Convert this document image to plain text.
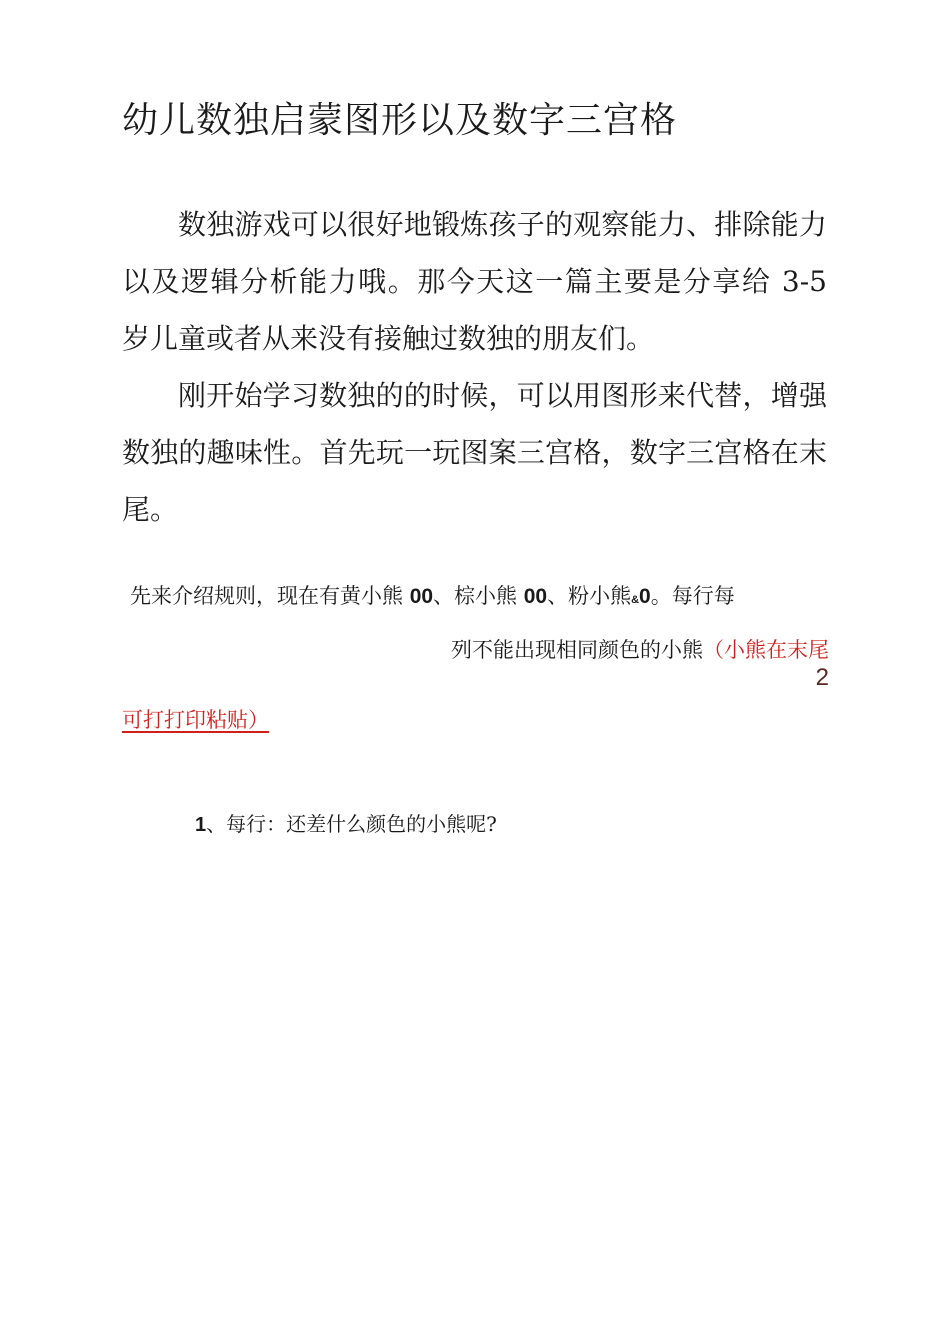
幼儿数独启蒙图形以及数字三宫格

数独游戏可以很好地锻炼孩子的观察能力、排除能力以及逻辑分析能力哦。那今天这一篇主要是分享给 3-5 岁儿童或者从来没有接触过数独的朋友们。

刚开始学习数独的的时候，可以用图形来代替，增强数独的趣味性。首先玩一玩图案三宫格，数字三宫格在末尾。

先来介绍规则，现在有黄小熊 00、棕小熊 00、粉小熊&0。每行每
列不能出现相同颜色的小熊（小熊在末尾
2
可打打印粘贴）
1、每行：还差什么颜色的小熊呢?
